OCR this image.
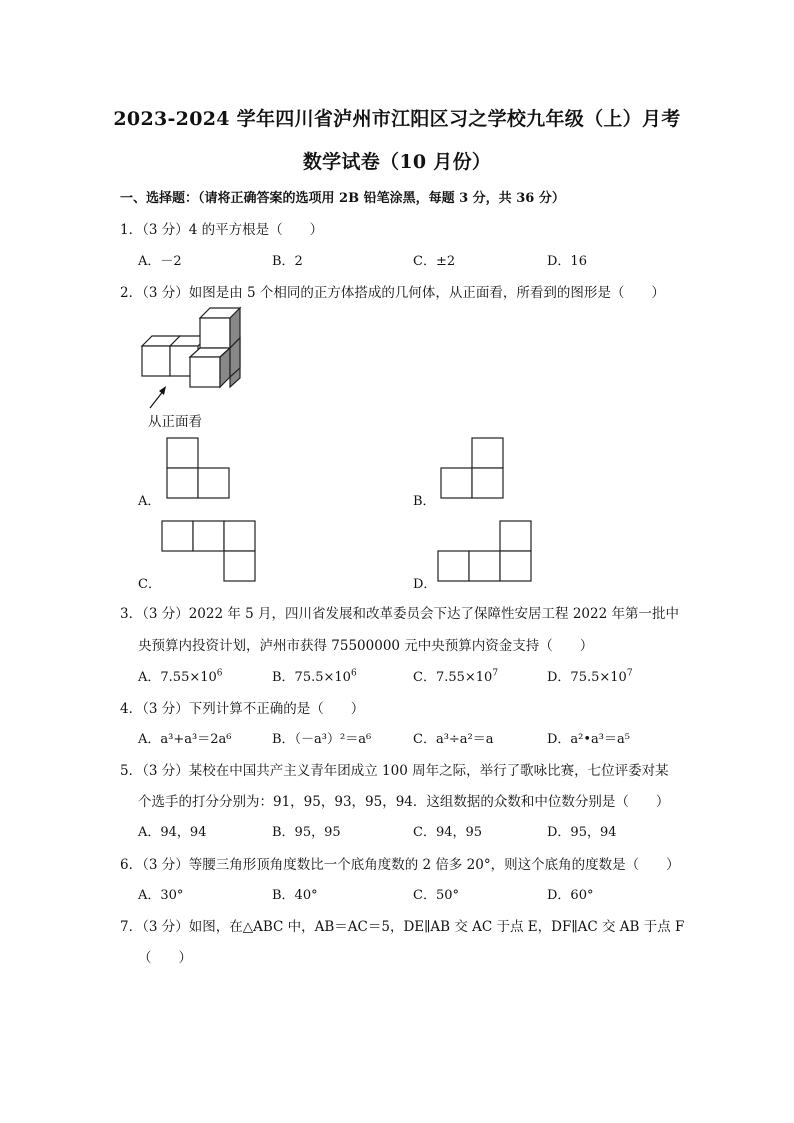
2023-2024 学年四川省泸州市江阳区习之学校九年级（上）月考
数学试卷（10 月份）
一、选择题：（请将正确答案的选项用 2B 铅笔涂黑，每题 3 分，共 36 分）
1．（3 分）4 的平方根是（　　）
A．－2	B．2	C．±2	D．16
2．（3 分）如图是由 5 个相同的正方体搭成的几何体，从正面看，所看到的图形是（　　）
从正面看
A．	B．
C．	D．
3．（3 分）2022 年 5 月，四川省发展和改革委员会下达了保障性安居工程 2022 年第一批中
央预算内投资计划，泸州市获得 75500000 元中央预算内资金支持（　　）
A．$7.55\times 10^6$	B．$75.5\times 10^6$	C．$7.55\times 10^7$	D．$75.5\times 10^7$
4．（3 分）下列计算不正确的是（　　）
A．a³+a³＝2a⁶	B．（－a³）²＝a⁶	C．a³÷a²＝a	D．a²•a³＝a⁵
5．（3 分）某校在中国共产主义青年团成立 100 周年之际，举行了歌咏比赛，七位评委对某
个选手的打分分别为：91，95，93，95，94．这组数据的众数和中位数分别是（　　）
A．94，94	B．95，95	C．94，95	D．95，94
6．（3 分）等腰三角形顶角度数比一个底角度数的 2 倍多 20°，则这个底角的度数是（　　）
A．30°	B．40°	C．50°	D．60°
7．（3 分）如图，在△ABC 中，AB＝AC＝5，DE∥AB 交 AC 于点 E，DF∥AC 交 AB 于点 F
（　　）
